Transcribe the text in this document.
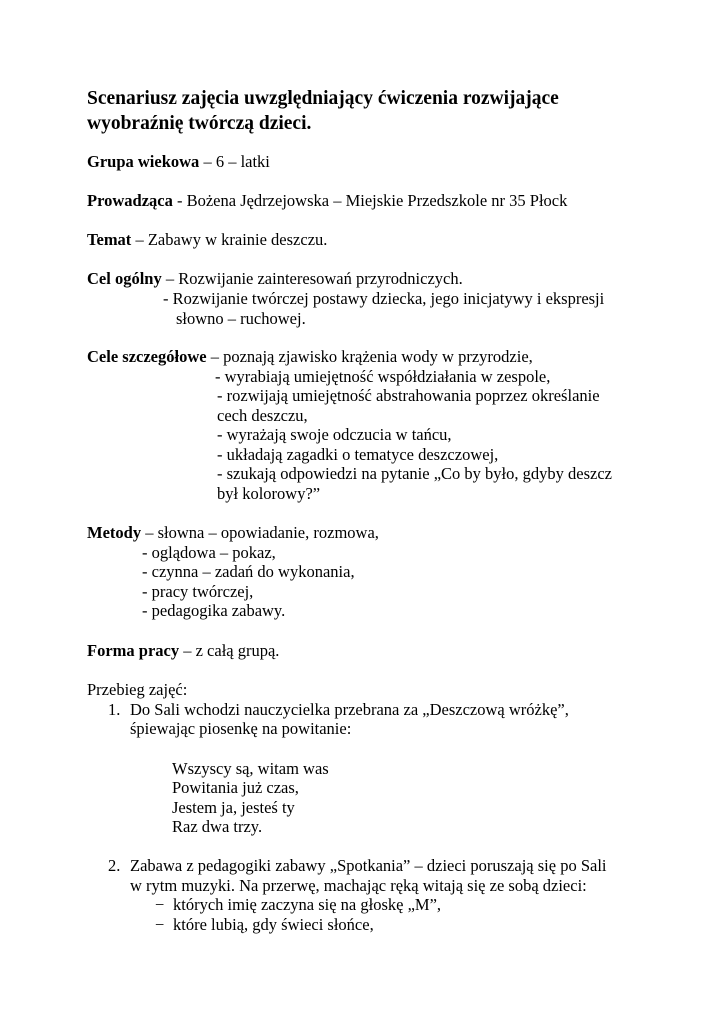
Scenariusz zajęcia uwzględniający ćwiczenia rozwijające
wyobraźnię twórczą dzieci.
Grupa wiekowa – 6 – latki
Prowadząca - Bożena Jędrzejowska – Miejskie Przedszkole nr 35 Płock
Temat – Zabawy w krainie deszczu.
Cel ogólny – Rozwijanie zainteresowań przyrodniczych.
- Rozwijanie twórczej postawy dziecka, jego inicjatywy i ekspresji
słowno – ruchowej.
Cele szczegółowe – poznają zjawisko krążenia wody w przyrodzie,
- wyrabiają umiejętność współdziałania w zespole,
- rozwijają umiejętność abstrahowania poprzez określanie
cech deszczu,
- wyrażają swoje odczucia w tańcu,
- układają zagadki o tematyce deszczowej,
- szukają odpowiedzi na pytanie „Co by było, gdyby deszcz
był kolorowy?”
Metody – słowna – opowiadanie, rozmowa,
- oglądowa – pokaz,
- czynna – zadań do wykonania,
- pracy twórczej,
- pedagogika zabawy.
Forma pracy – z całą grupą.
Przebieg zajęć:
1. Do Sali wchodzi nauczycielka przebrana za „Deszczową wróżkę”,
śpiewając piosenkę na powitanie:
Wszyscy są, witam was
Powitania już czas,
Jestem ja, jesteś ty
Raz dwa trzy.
2. Zabawa z pedagogiki zabawy „Spotkania” – dzieci poruszają się po Sali
w rytm muzyki. Na przerwę, machając ręką witają się ze sobą dzieci:
− których imię zaczyna się na głoskę „M”,
− które lubią, gdy świeci słońce,
